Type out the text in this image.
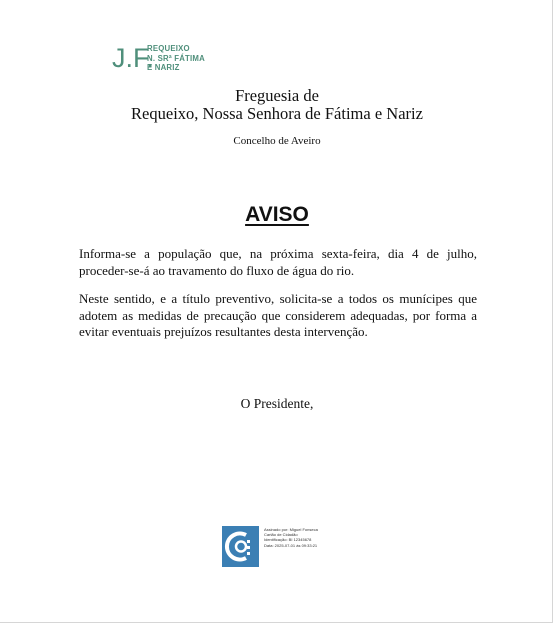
J.F.
REQUEIXO
N. SRª FÁTIMA
E NARIZ
Freguesia de
Requeixo, Nossa Senhora de Fátima e Nariz
Concelho de Aveiro
AVISO

Informa-se a população que, na próxima sexta-feira, dia 4 de julho, proceder-se-á ao travamento do fluxo de água do rio.

Neste sentido, e a título preventivo, solicita-se a todos os munícipes que adotem as medidas de precaução que considerem adequadas, por forma a evitar eventuais prejuízos resultantes desta intervenção.

O Presidente,
Assinado por: Miguel Fonseca
Cartão de Cidadão
Identificação: BI 12345678
Data: 2025-07-01 às 09:33:21
